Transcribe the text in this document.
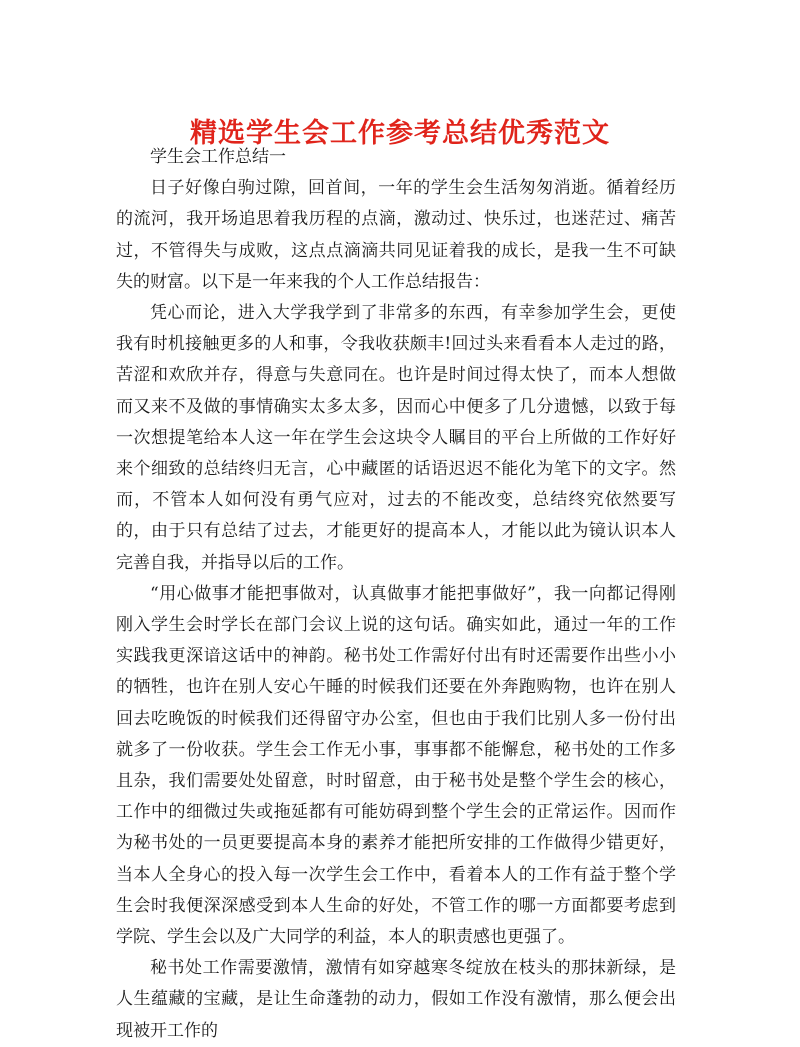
精选学生会工作参考总结优秀范文

学生会工作总结一

日子好像白驹过隙，回首间，一年的学生会生活匆匆消逝。循着经历的流河，我开场追思着我历程的点滴，激动过、快乐过，也迷茫过、痛苦过，不管得失与成败，这点点滴滴共同见证着我的成长，是我一生不可缺失的财富。以下是一年来我的个人工作总结报告：

凭心而论，进入大学我学到了非常多的东西，有幸参加学生会，更使我有时机接触更多的人和事，令我收获颇丰!回过头来看看本人走过的路，苦涩和欢欣并存，得意与失意同在。也许是时间过得太快了，而本人想做而又来不及做的事情确实太多太多，因而心中便多了几分遗憾，以致于每一次想提笔给本人这一年在学生会这块令人瞩目的平台上所做的工作好好来个细致的总结终归无言，心中藏匿的话语迟迟不能化为笔下的文字。然而，不管本人如何没有勇气应对，过去的不能改变，总结终究依然要写的，由于只有总结了过去，才能更好的提高本人，才能以此为镜认识本人完善自我，并指导以后的工作。

“用心做事才能把事做对，认真做事才能把事做好”，我一向都记得刚刚入学生会时学长在部门会议上说的这句话。确实如此，通过一年的工作实践我更深谙这话中的神韵。秘书处工作需好付出有时还需要作出些小小的牺牲，也许在别人安心午睡的时候我们还要在外奔跑购物，也许在别人回去吃晚饭的时候我们还得留守办公室，但也由于我们比别人多一份付出就多了一份收获。学生会工作无小事，事事都不能懈怠，秘书处的工作多且杂，我们需要处处留意，时时留意，由于秘书处是整个学生会的核心，工作中的细微过失或拖延都有可能妨碍到整个学生会的正常运作。因而作为秘书处的一员更要提高本身的素养才能把所安排的工作做得少错更好，当本人全身心的投入每一次学生会工作中，看着本人的工作有益于整个学生会时我便深深感受到本人生命的好处，不管工作的哪一方面都要考虑到学院、学生会以及广大同学的利益，本人的职责感也更强了。

秘书处工作需要激情，激情有如穿越寒冬绽放在枝头的那抹新绿，是人生蕴藏的宝藏，是让生命蓬勃的动力，假如工作没有激情，那么便会出现被开工作的
